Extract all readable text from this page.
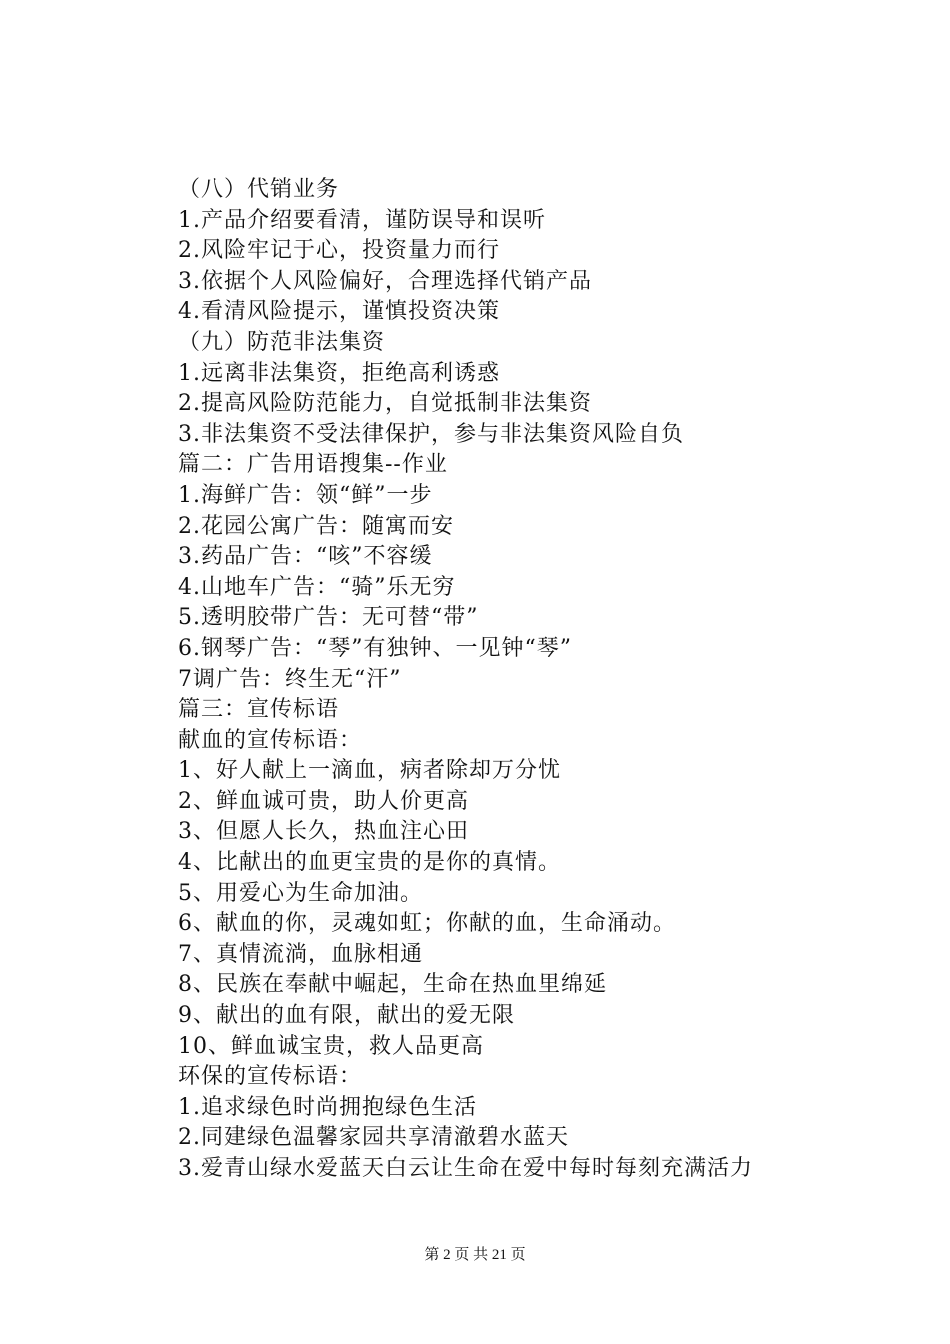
（八）代销业务
1.产品介绍要看清，谨防误导和误听
2.风险牢记于心，投资量力而行
3.依据个人风险偏好，合理选择代销产品
4.看清风险提示，谨慎投资决策
（九）防范非法集资
1.远离非法集资，拒绝高利诱惑
2.提高风险防范能力，自觉抵制非法集资
3.非法集资不受法律保护，参与非法集资风险自负
篇二：广告用语搜集--作业
1.海鲜广告：领“鲜”一步
2.花园公寓广告：随寓而安
3.药品广告：“咳”不容缓
4.山地车广告：“骑”乐无穷
5.透明胶带广告：无可替“带”
6.钢琴广告：“琴”有独钟、一见钟“琴”
7调广告：终生无“汗”
篇三：宣传标语
献血的宣传标语：
1、好人献上一滴血，病者除却万分忧
2、鲜血诚可贵，助人价更高
3、但愿人长久，热血注心田
4、比献出的血更宝贵的是你的真情。
5、用爱心为生命加油。
6、献血的你，灵魂如虹；你献的血，生命涌动。
7、真情流淌，血脉相通
8、民族在奉献中崛起，生命在热血里绵延
9、献出的血有限，献出的爱无限
10、鲜血诚宝贵，救人品更高
环保的宣传标语：
1.追求绿色时尚拥抱绿色生活
2.同建绿色温馨家园共享清澈碧水蓝天
3.爱青山绿水爱蓝天白云让生命在爱中每时每刻充满活力
第 2 页 共 21 页
